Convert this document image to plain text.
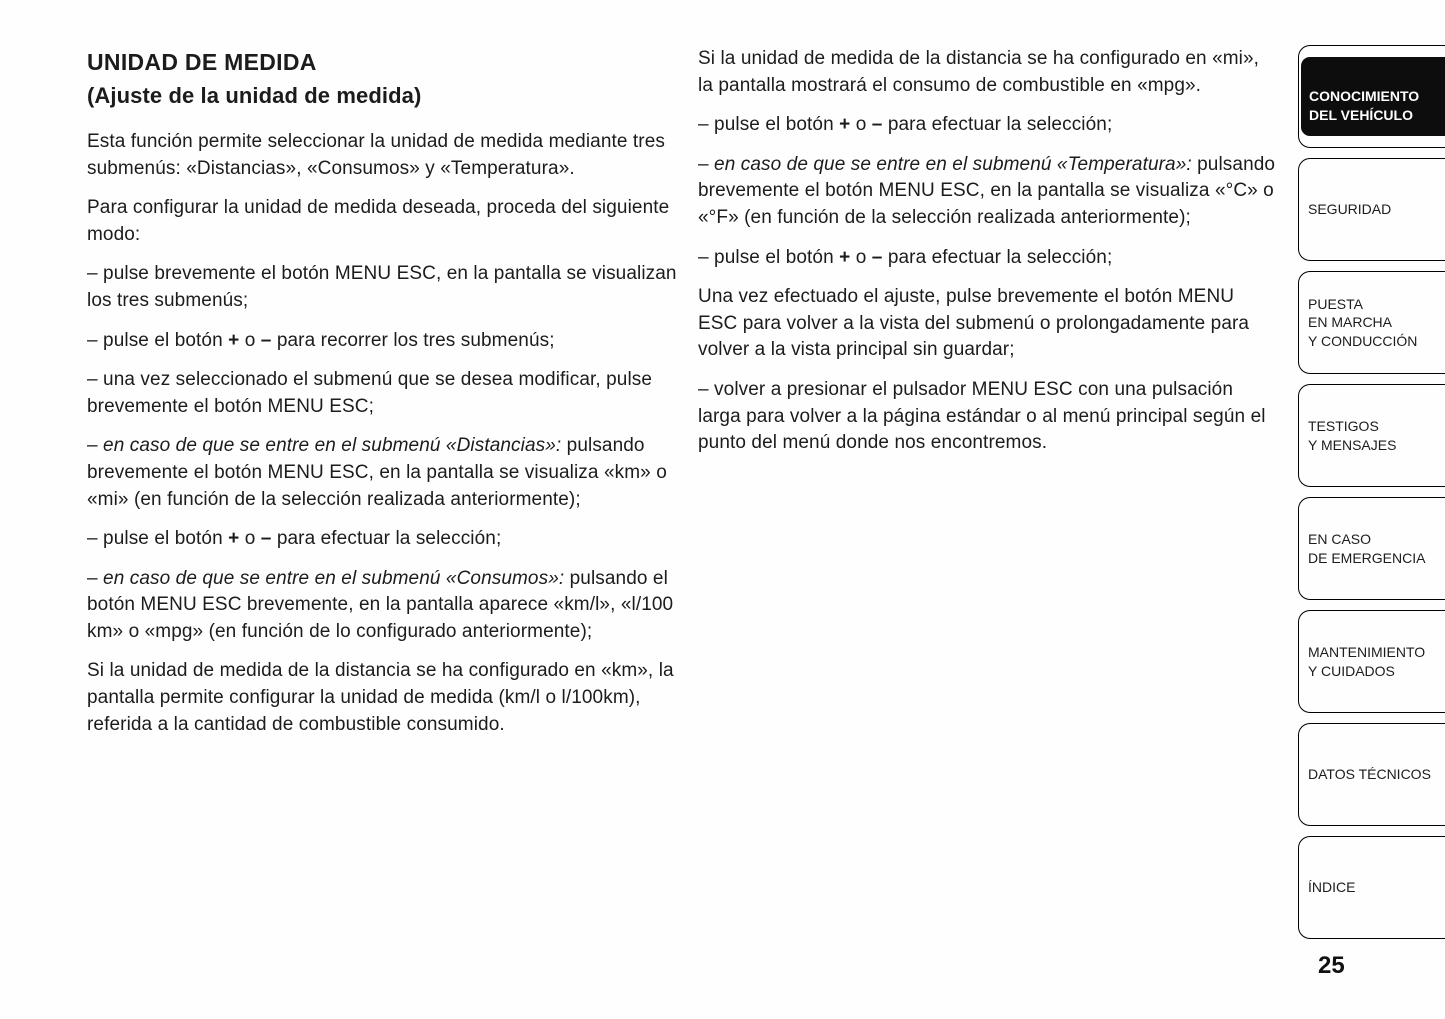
UNIDAD DE MEDIDA
(Ajuste de la unidad de medida)

Esta función permite seleccionar la unidad de medida mediante tres submenús: «Distancias», «Consumos» y «Temperatura».

Para configurar la unidad de medida deseada, proceda del siguiente modo:

– pulse brevemente el botón MENU ESC, en la pantalla se visualizan los tres submenús;

– pulse el botón + o – para recorrer los tres submenús;

– una vez seleccionado el submenú que se desea modificar, pulse brevemente el botón MENU ESC;

– en caso de que se entre en el submenú «Distancias»: pulsando brevemente el botón MENU ESC, en la pantalla se visualiza «km» o «mi» (en función de la selección realizada anteriormente);

– pulse el botón + o – para efectuar la selección;

– en caso de que se entre en el submenú «Consumos»: pulsando el botón MENU ESC brevemente, en la pantalla aparece «km/l», «l/100 km» o «mpg» (en función de lo configurado anteriormente);

Si la unidad de medida de la distancia se ha configurado en «km», la pantalla permite configurar la unidad de medida (km/l o l/100km), referida a la cantidad de combustible consumido.

Si la unidad de medida de la distancia se ha configurado en «mi», la pantalla mostrará el consumo de combustible en «mpg».

– pulse el botón + o – para efectuar la selección;

– en caso de que se entre en el submenú «Temperatura»: pulsando brevemente el botón MENU ESC, en la pantalla se visualiza «°C» o «°F» (en función de la selección realizada anteriormente);

– pulse el botón + o – para efectuar la selección;

Una vez efectuado el ajuste, pulse brevemente el botón MENU ESC para volver a la vista del submenú o prolongadamente para volver a la vista principal sin guardar;

– volver a presionar el pulsador MENU ESC con una pulsación larga para volver a la página estándar o al menú principal según el punto del menú donde nos encontremos.

CONOCIMIENTO
DEL VEHÍCULO

SEGURIDAD
PUESTA
EN MARCHA
Y CONDUCCIÓN
TESTIGOS
Y MENSAJES
EN CASO
DE EMERGENCIA
MANTENIMIENTO
Y CUIDADOS
DATOS TÉCNICOS
ÍNDICE
25
